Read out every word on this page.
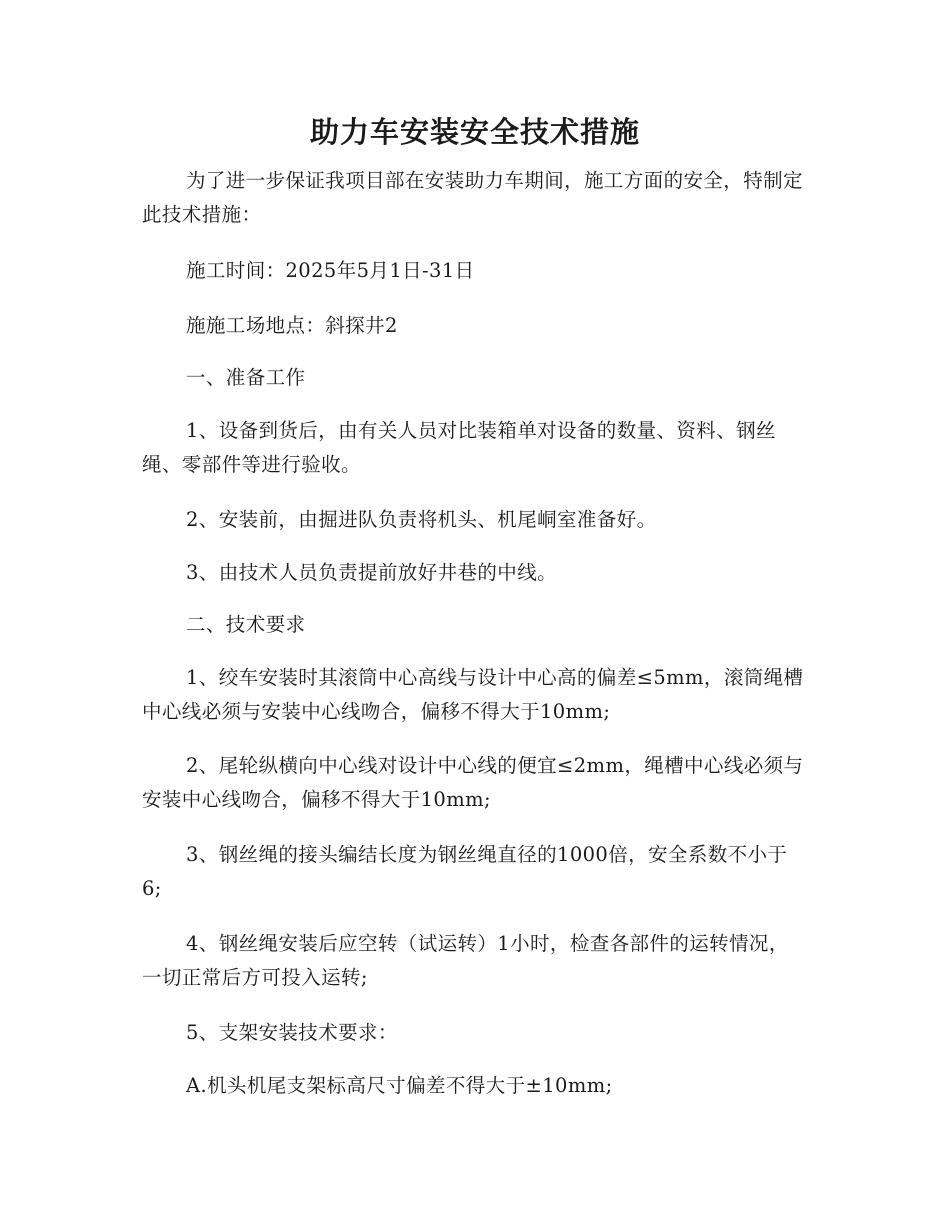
助力车安装安全技术措施

为了进一步保证我项目部在安装助力车期间，施工方面的安全，特制定此技术措施：

施工时间：2025年5月1日-31日

施施工场地点：斜探井2

一、准备工作

1、设备到货后，由有关人员对比装箱单对设备的数量、资料、钢丝绳、零部件等进行验收。

2、安装前，由掘进队负责将机头、机尾峒室准备好。

3、由技术人员负责提前放好井巷的中线。

二、技术要求

1、绞车安装时其滚筒中心高线与设计中心高的偏差≤5mm，滚筒绳槽中心线必须与安装中心线吻合，偏移不得大于10mm;

2、尾轮纵横向中心线对设计中心线的便宜≤2mm，绳槽中心线必须与安装中心线吻合，偏移不得大于10mm;

3、钢丝绳的接头编结长度为钢丝绳直径的1000倍，安全系数不小于6;

4、钢丝绳安装后应空转（试运转）1小时，检查各部件的运转情况，一切正常后方可投入运转;

5、支架安装技术要求：

A.机头机尾支架标高尺寸偏差不得大于±10mm;
